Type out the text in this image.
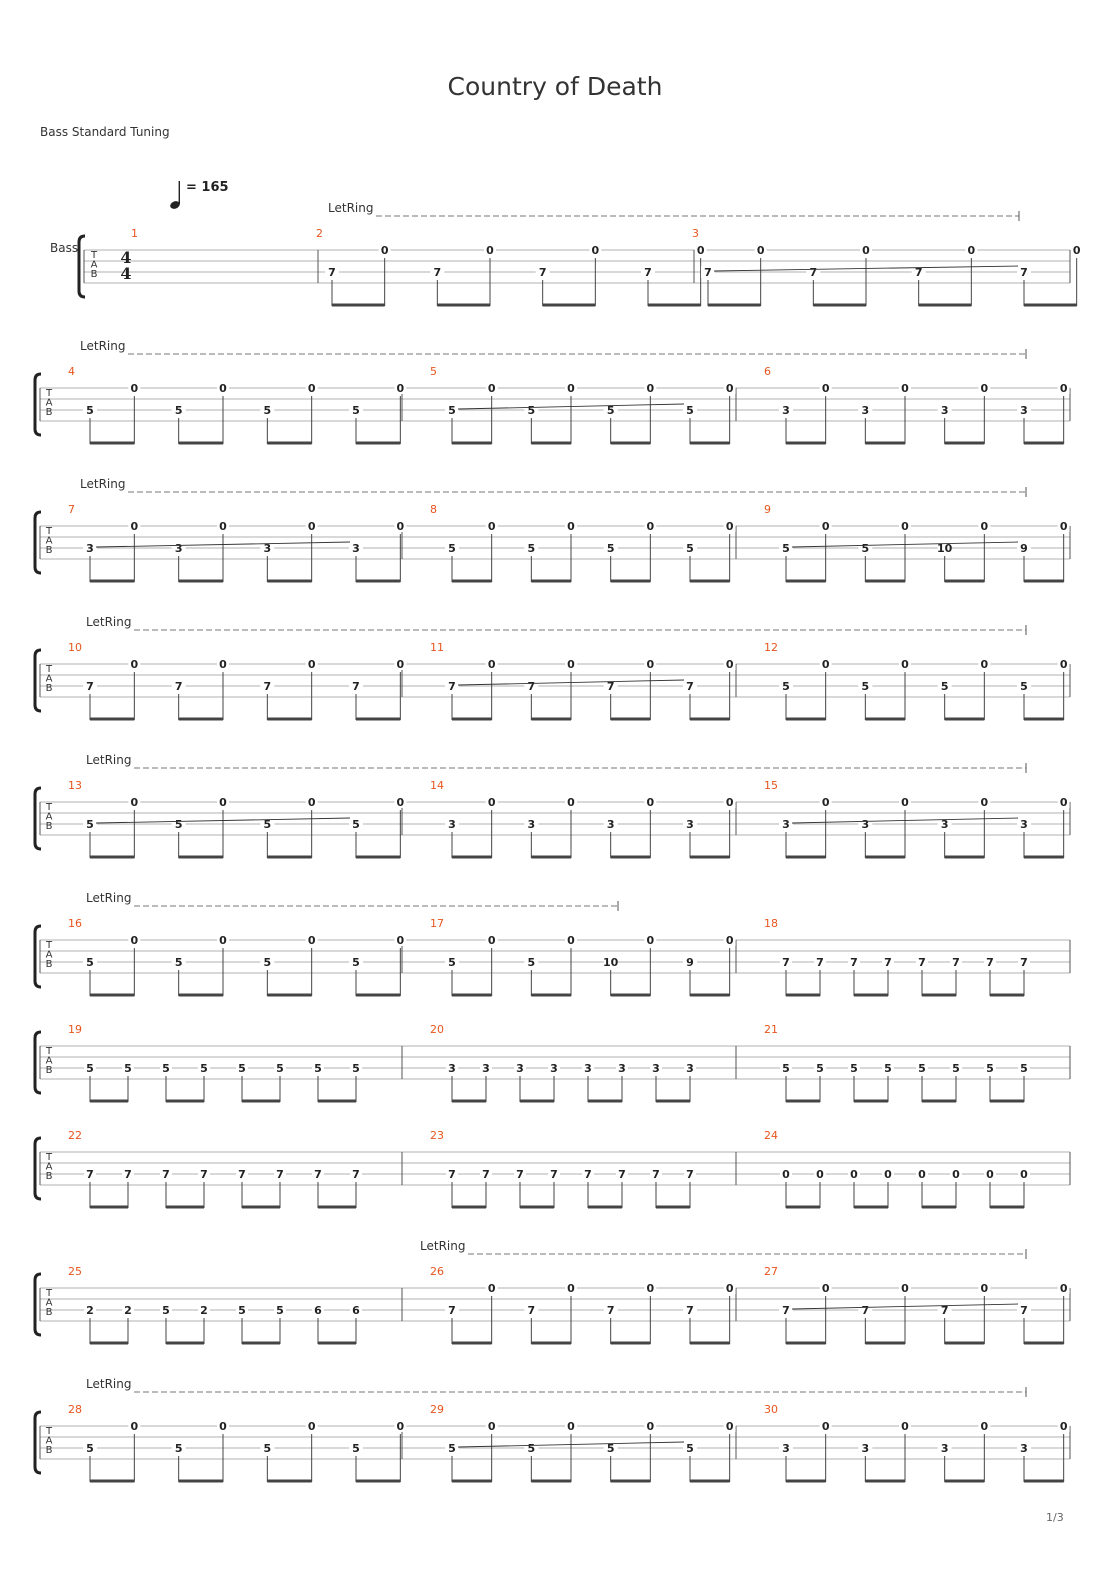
Country of Death
Bass Standard Tuning
= 165
Bass
T
A
B
LetRing
4
4
1	2
7
0
7
0
7
0
7
0
3
7
0
7
0
7
0
7
0
T
A
B
LetRing
4
5
0
5
0
5
0
5
0
5
5
0
5
0
5
0
5
0
6
3
0
3
0
3
0
3
0
T
A
B
LetRing
7
3
0
3
0
3
0
3
0
8
5
0
5
0
5
0
5
0
9
5
0
5
0
10
0
9
0
T
A
B
LetRing
10
7
0
7
0
7
0
7
0
11
7
0
7
0
7
0
7
0
12
5
0
5
0
5
0
5
0
T
A
B
LetRing
13
5
0
5
0
5
0
5
0
14
3
0
3
0
3
0
3
0
15
3
0
3
0
3
0
3
0
T
A
B
LetRing
16
5
0
5
0
5
0
5
0
17
5
0
5
0
10
0
9
0
18
7 7 7 7 7 7 7 7
T
A
B
19
5	5	5	5	5	5	5	5
20
3 3 3 3 3 3 3 3
21
5 5 5 5 5 5 5 5
T
A
B
22
7	7	7	7	7	7	7	7
23
7 7 7 7 7 7 7 7
24
0 0 0 0 0 0 0 0
T
A
B
LetRing
25
2	2	5	2	5	5	6	6
26
7
0
7
0
7
0
7
0
27
7
0
7
0
7
0
7
0
T
A
B
LetRing
28
5
0
5
0
5
0
5
0
29
5
0
5
0
5
0
5
0
30
3
0
3
0
3
0
3
0
1/3
